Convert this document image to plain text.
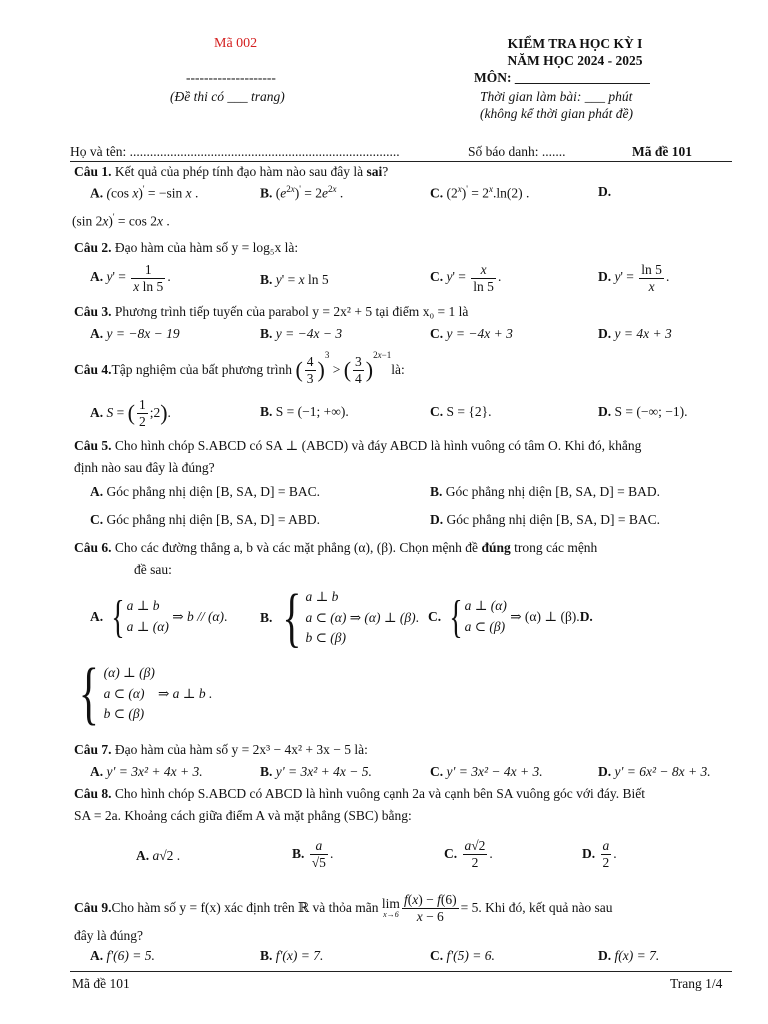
Mã 002
--------------------
(Đề thi có ___ trang)
KIỂM TRA HỌC KỲ I
NĂM HỌC 2024 - 2025
MÔN: ____________________
Thời gian làm bài: ___ phút
(không kể thời gian phát đề)
Họ và tên: ................................................................................	Số báo danh: .......	Mã đề 101
Câu 1. Kết quả của phép tính đạo hàm nào sau đây là sai?
A. (cos x)' = −sin x .	B. $(e^{2x})' = 2e^{2x}$ .	C. $(2^x)' = 2^x.\ln(2)$ .	D.
(sin 2x)' = cos 2x .
Câu 2. Đạo hàm của hàm số y = log₅x là:
A. $y' = \frac{1}{\text{x ln 5}}$ .	B. y' = x ln 5	C. $y' = \frac{x}{\ln 5}$ .	D. $y' = \frac{\ln 5}{x}$ .
Câu 3. Phương trình tiếp tuyến của parabol y = 2x² + 5 tại điểm x₀ = 1 là
A. y = −8x − 19	B. y = −4x − 3	C. y = −4x + 3	D. y = 4x + 3
Câu 4. Tập nghiệm của bất phương trình
( $\frac{4}{3}$ )
$^3$
> ( $\frac{3}{4}$ )
$^{2x-1}$
là:
A.
S = ( $\frac{1}{2}$ ;2 ) .	B. S = (−1; +∞).	C. S = {2}.	D. S = (−∞; −1).
Câu 5. Cho hình chóp S.ABCD có SA ⊥ (ABCD) và đáy ABCD là hình vuông có tâm O. Khi đó, khẳng
định nào sau đây là đúng?
A. Góc phẳng nhị diện [B, SA, D] = BAC.	B. Góc phẳng nhị diện [B, SA, D] = BAD.
C. Góc phẳng nhị diện [B, SA, D] = ABD.	D. Góc phẳng nhị diện [B, SA, D] = BAC.
Câu 6. Cho các đường thẳng a, b và các mặt phẳng (α), (β). Chọn mệnh đề đúng trong các mệnh
đề sau:
A.
{ a ⊥ b
a ⊥ (α)
⇒ b // (α) . B.
{ a ⊥ b
a ⊂ (α) ⇒ (α) ⊥ (β)
b ⊂ (β)
. C.
{ a ⊥ (α)
a ⊂ (β)
⇒ (α) ⊥ (β). D.
{ (α) ⊥ (β)
a ⊂ (α)    ⇒ a ⊥ b .
b ⊂ (β)
Câu 7. Đạo hàm của hàm số y = 2x³ − 4x² + 3x − 5 là:
A. y' = 3x² + 4x + 3.	B. y' = 3x² + 4x − 5.	C. y' = 3x² − 4x + 3.	D. y' = 6x² − 8x + 3.
Câu 8. Cho hình chóp S.ABCD có ABCD là hình vuông cạnh 2a và cạnh bên SA vuông góc với đáy. Biết
SA = 2a. Khoảng cách giữa điểm A và mặt phẳng (SBC) bằng:
A. a√2 .	B.
$\frac{a}{√5}$ .	C.
$\frac{a√2}{2}$ .	D.
$\frac{a}{2}$ .
Câu 9. Cho hàm số y = f(x) xác định trên ℝ và thỏa mãn
lim
$x\to 6 \frac{f(x) - f(6)}{x - 6} = 5$ . Khi đó, kết quả nào sau
đây là đúng?
A. f'(6) = 5.	B. f'(x) = 7.	C. f'(5) = 6.	D. f(x) = 7.
Mã đề 101	Trang 1/4
